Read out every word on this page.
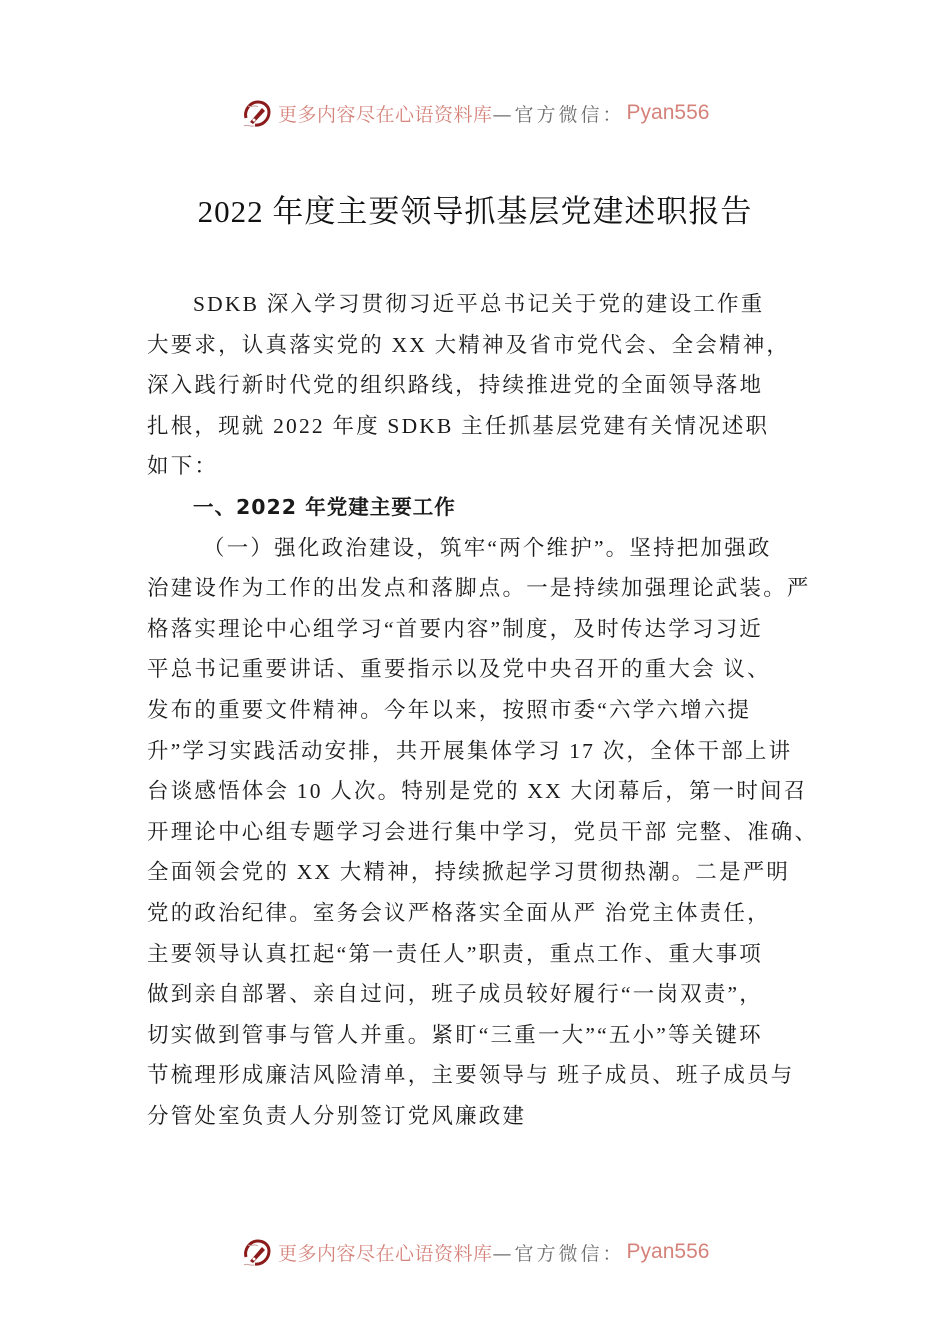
更多内容尽在心语资料库 —官方微信： Pyan556
2022 年度主要领导抓基层党建述职报告
SDKB 深入学习贯彻习近平总书记关于党的建设工作重
大要求，认真落实党的 XX 大精神及省市党代会、全会精神，
深入践行新时代党的组织路线，持续推进党的全面领导落地
扎根，现就 2022 年度 SDKB 主任抓基层党建有关情况述职
如下：
一、2022 年党建主要工作
（一）强化政治建设，筑牢“两个维护”。坚持把加强政
治建设作为工作的出发点和落脚点。一是持续加强理论武装。严
格落实理论中心组学习“首要内容”制度，及时传达学习习近
平总书记重要讲话、重要指示以及党中央召开的重大会 议、
发布的重要文件精神。今年以来，按照市委“六学六增六提
升”学习实践活动安排，共开展集体学习 17 次，全体干部上讲
台谈感悟体会 10 人次。特别是党的 XX 大闭幕后，第一时间召
开理论中心组专题学习会进行集中学习，党员干部 完整、准确、
全面领会党的 XX 大精神，持续掀起学习贯彻热潮。二是严明
党的政治纪律。室务会议严格落实全面从严 治党主体责任，
主要领导认真扛起“第一责任人”职责，重点工作、重大事项
做到亲自部署、亲自过问，班子成员较好履行“一岗双责”，
切实做到管事与管人并重。紧盯“三重一大”“五小”等关键环
节梳理形成廉洁风险清单，主要领导与 班子成员、班子成员与
分管处室负责人分别签订党风廉政建
更多内容尽在心语资料库 —官方微信： Pyan556
